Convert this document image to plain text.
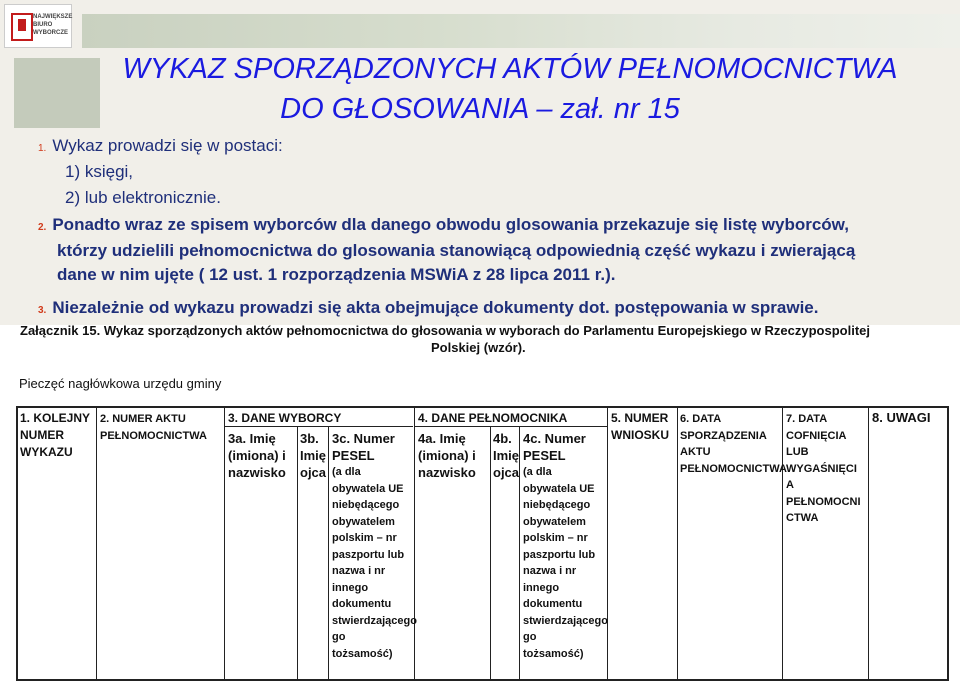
NAJWIĘKSZE
BIURO
WYBORCZE
WYKAZ SPORZĄDZONYCH AKTÓW PEŁNOMOCNICTWA
DO GŁOSOWANIA – zał. nr 15
1. Wykaz prowadzi się w postaci:
1) księgi,
2) lub elektronicznie.
2. Ponadto wraz ze spisem wyborców dla danego obwodu glosowania przekazuje się listę wyborców,
którzy udzielili pełnomocnictwa do glosowania stanowiącą odpowiednią część wykazu i zwierającą
dane w nim ujęte ( 12 ust. 1 rozporządzenia MSWiA z 28 lipca 2011 r.).
3. Niezależnie od wykazu prowadzi się akta obejmujące dokumenty dot. postępowania w sprawie.
Załącznik 15. Wykaz sporządzonych aktów pełnomocnictwa do głosowania w wyborach do Parlamentu Europejskiego w Rzeczypospolitej
Polskiej (wzór).
Pieczęć nagłówkowa urzędu gminy
1. KOLEJNY
NUMER
WYKAZU
2. NUMER AKTU
PEŁNOMOCNICTWA
3. DANE WYBORCY
3a. Imię
(imiona) i
nazwisko
3b.
Imię
ojca
3c. Numer
PESEL
(a dla
obywatela UE
niebędącego
obywatelem
polskim – nr
paszportu lub
nazwa i nr
innego
dokumentu
stwierdzającego
go
tożsamość)
4. DANE PEŁNOMOCNIKA
4a. Imię
(imiona) i
nazwisko
4b.
Imię
ojca
4c. Numer
PESEL
(a dla
obywatela UE
niebędącego
obywatelem
polskim – nr
paszportu lub
nazwa i nr
innego
dokumentu
stwierdzającego
go
tożsamość)
5. NUMER
WNIOSKU
6. DATA
SPORZĄDZENIA
AKTU
PEŁNOMOCNICTWA
7. DATA
COFNIĘCIA
LUB
WYGAŚNIĘCI
A
PEŁNOMOCNI
CTWA
8. UWAGI
